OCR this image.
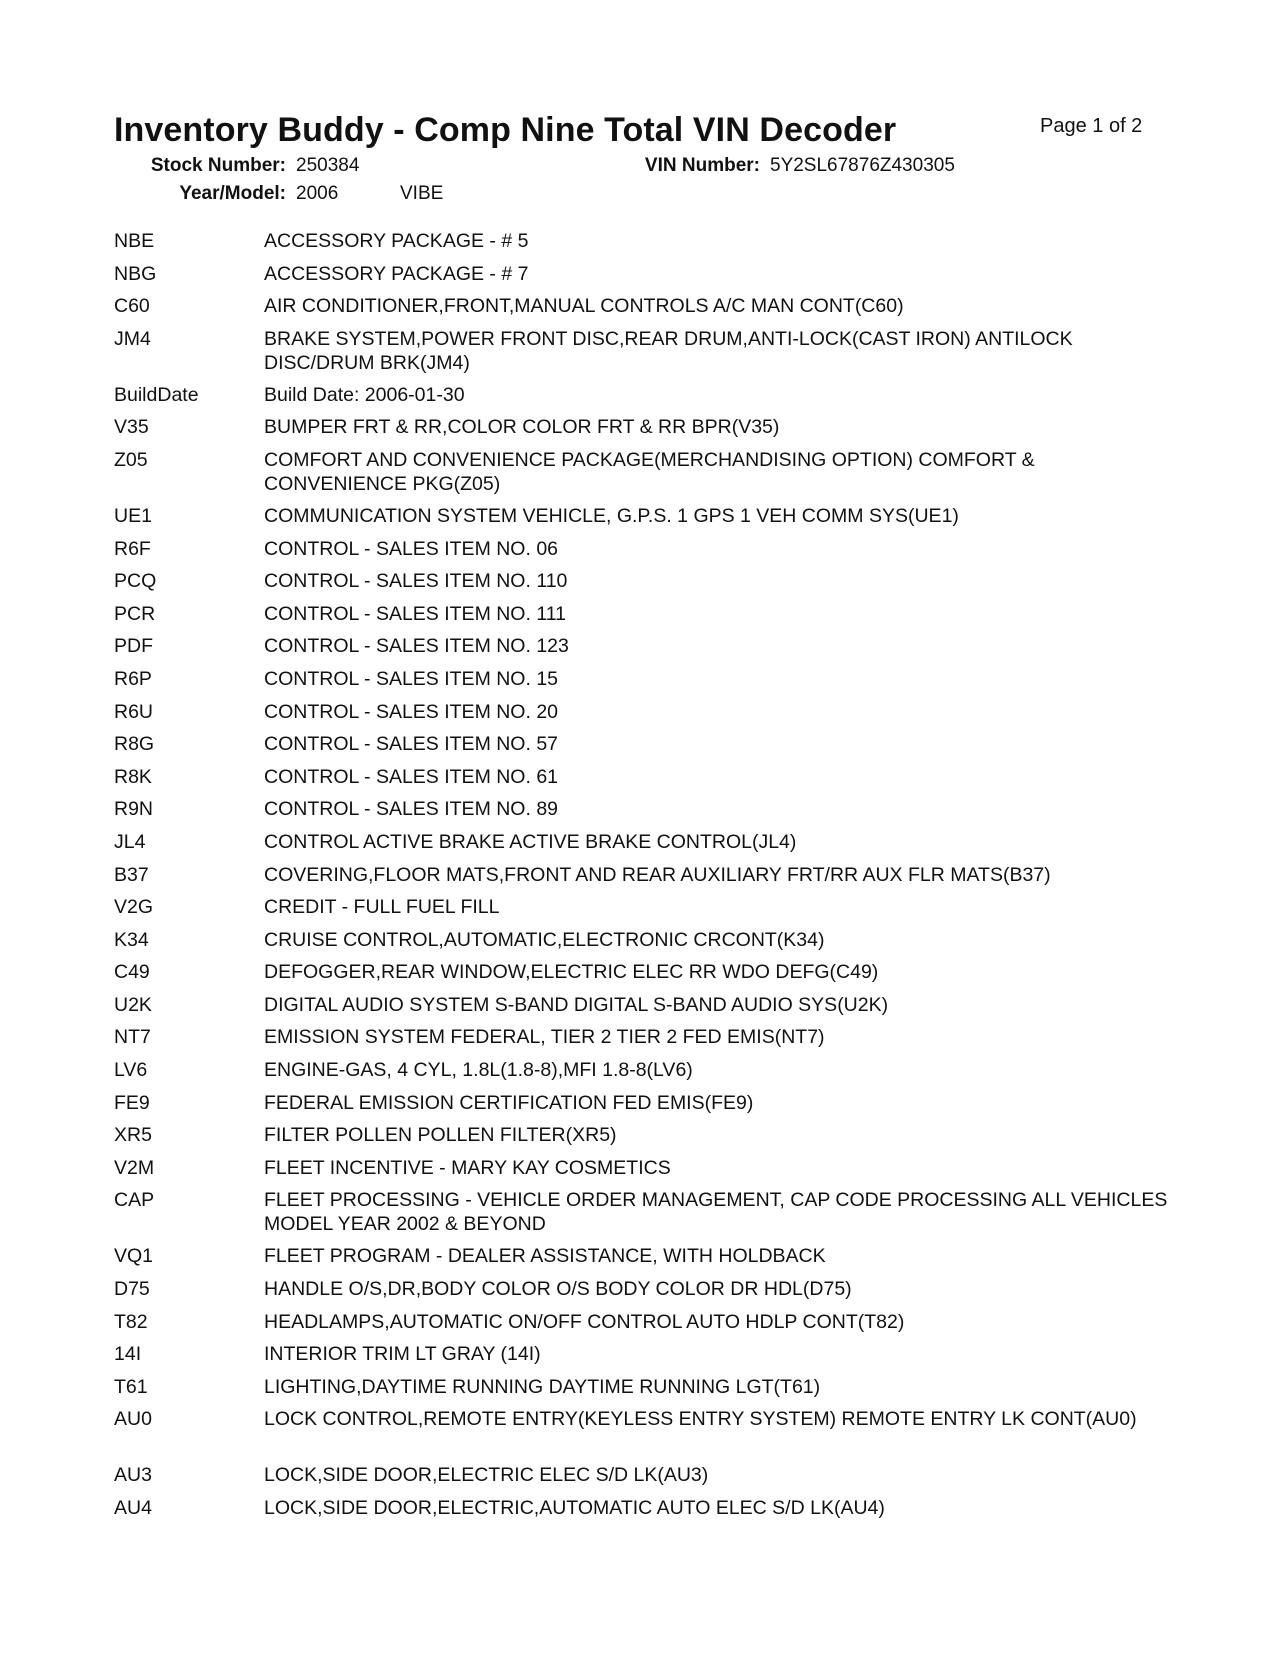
Inventory Buddy - Comp Nine Total VIN Decoder	Page 1 of 2
Stock Number: 250384	VIN Number: 5Y2SL67876Z430305
Year/Model: 2006	VIBE
NBE	ACCESSORY PACKAGE - # 5
NBG	ACCESSORY PACKAGE - # 7
C60	AIR CONDITIONER,FRONT,MANUAL CONTROLS A/C MAN CONT(C60)
JM4	BRAKE SYSTEM,POWER FRONT DISC,REAR DRUM,ANTI-LOCK(CAST IRON) ANTILOCK DISC/DRUM BRK(JM4)
BuildDate	Build Date: 2006-01-30
V35	BUMPER FRT & RR,COLOR COLOR FRT & RR BPR(V35)
Z05	COMFORT AND CONVENIENCE PACKAGE(MERCHANDISING OPTION) COMFORT & CONVENIENCE PKG(Z05)
UE1	COMMUNICATION SYSTEM VEHICLE, G.P.S. 1 GPS 1 VEH COMM SYS(UE1)
R6F	CONTROL - SALES ITEM NO. 06
PCQ	CONTROL - SALES ITEM NO. 110
PCR	CONTROL - SALES ITEM NO. 111
PDF	CONTROL - SALES ITEM NO. 123
R6P	CONTROL - SALES ITEM NO. 15
R6U	CONTROL - SALES ITEM NO. 20
R8G	CONTROL - SALES ITEM NO. 57
R8K	CONTROL - SALES ITEM NO. 61
R9N	CONTROL - SALES ITEM NO. 89
JL4	CONTROL ACTIVE BRAKE ACTIVE BRAKE CONTROL(JL4)
B37	COVERING,FLOOR MATS,FRONT AND REAR AUXILIARY FRT/RR AUX FLR MATS(B37)
V2G	CREDIT - FULL FUEL FILL
K34	CRUISE CONTROL,AUTOMATIC,ELECTRONIC CRCONT(K34)
C49	DEFOGGER,REAR WINDOW,ELECTRIC ELEC RR WDO DEFG(C49)
U2K	DIGITAL AUDIO SYSTEM S-BAND DIGITAL S-BAND AUDIO SYS(U2K)
NT7	EMISSION SYSTEM FEDERAL, TIER 2 TIER 2 FED EMIS(NT7)
LV6	ENGINE-GAS, 4 CYL, 1.8L(1.8-8),MFI 1.8-8(LV6)
FE9	FEDERAL EMISSION CERTIFICATION FED EMIS(FE9)
XR5	FILTER POLLEN POLLEN FILTER(XR5)
V2M	FLEET INCENTIVE - MARY KAY COSMETICS
CAP	FLEET PROCESSING - VEHICLE ORDER MANAGEMENT, CAP CODE PROCESSING ALL VEHICLES MODEL YEAR 2002 & BEYOND
VQ1	FLEET PROGRAM - DEALER ASSISTANCE, WITH HOLDBACK
D75	HANDLE O/S,DR,BODY COLOR O/S BODY COLOR DR HDL(D75)
T82	HEADLAMPS,AUTOMATIC ON/OFF CONTROL AUTO HDLP CONT(T82)
14I	INTERIOR TRIM LT GRAY (14I)
T61	LIGHTING,DAYTIME RUNNING DAYTIME RUNNING LGT(T61)
AU0	LOCK CONTROL,REMOTE ENTRY(KEYLESS ENTRY SYSTEM) REMOTE ENTRY LK CONT(AU0)
AU3	LOCK,SIDE DOOR,ELECTRIC ELEC S/D LK(AU3)
AU4	LOCK,SIDE DOOR,ELECTRIC,AUTOMATIC AUTO ELEC S/D LK(AU4)
